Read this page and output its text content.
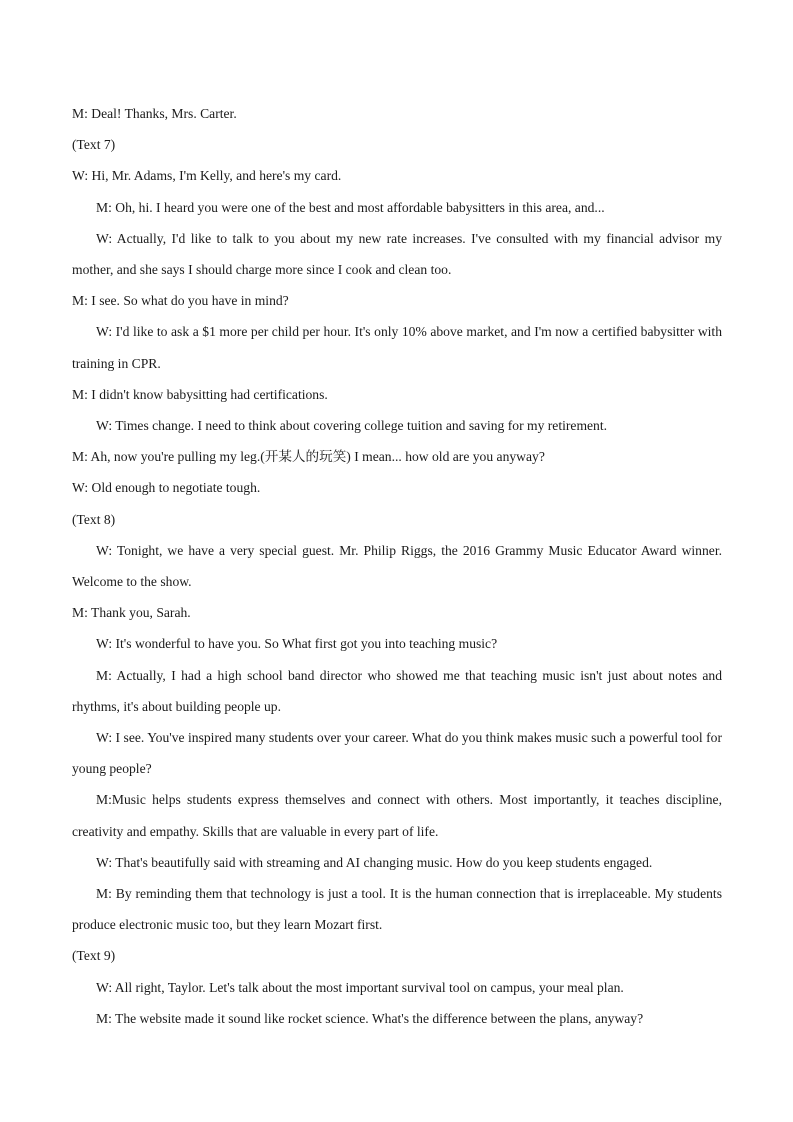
M: Deal! Thanks, Mrs. Carter.

(Text 7)

W: Hi, Mr. Adams, I'm Kelly, and here's my card.

M: Oh, hi. I heard you were one of the best and most affordable babysitters in this area, and...

W: Actually, I'd like to talk to you about my new rate increases. I've consulted with my financial advisor my mother, and she says I should charge more since I cook and clean too.

M: I see. So what do you have in mind?

W: I'd like to ask a $1 more per child per hour. It's only 10% above market, and I'm now a certified babysitter with training in CPR.

M: I didn't know babysitting had certifications.

W: Times change. I need to think about covering college tuition and saving for my retirement.

M: Ah, now you're pulling my leg.(开某人的玩笑) I mean... how old are you anyway?

W: Old enough to negotiate tough.

(Text 8)

W: Tonight, we have a very special guest. Mr. Philip Riggs, the 2016 Grammy Music Educator Award winner. Welcome to the show.

M: Thank you, Sarah.

W: It's wonderful to have you. So What first got you into teaching music?

M: Actually, I had a high school band director who showed me that teaching music isn't just about notes and rhythms, it's about building people up.

W: I see. You've inspired many students over your career. What do you think makes music such a powerful tool for young people?

M:Music helps students express themselves and connect with others. Most importantly, it teaches discipline, creativity and empathy. Skills that are valuable in every part of life.

W: That's beautifully said with streaming and AI changing music. How do you keep students engaged.

M: By reminding them that technology is just a tool. It is the human connection that is irreplaceable. My students produce electronic music too, but they learn Mozart first.

(Text 9)

W: All right, Taylor. Let's talk about the most important survival tool on campus, your meal plan.

M: The website made it sound like rocket science. What's the difference between the plans, anyway?
